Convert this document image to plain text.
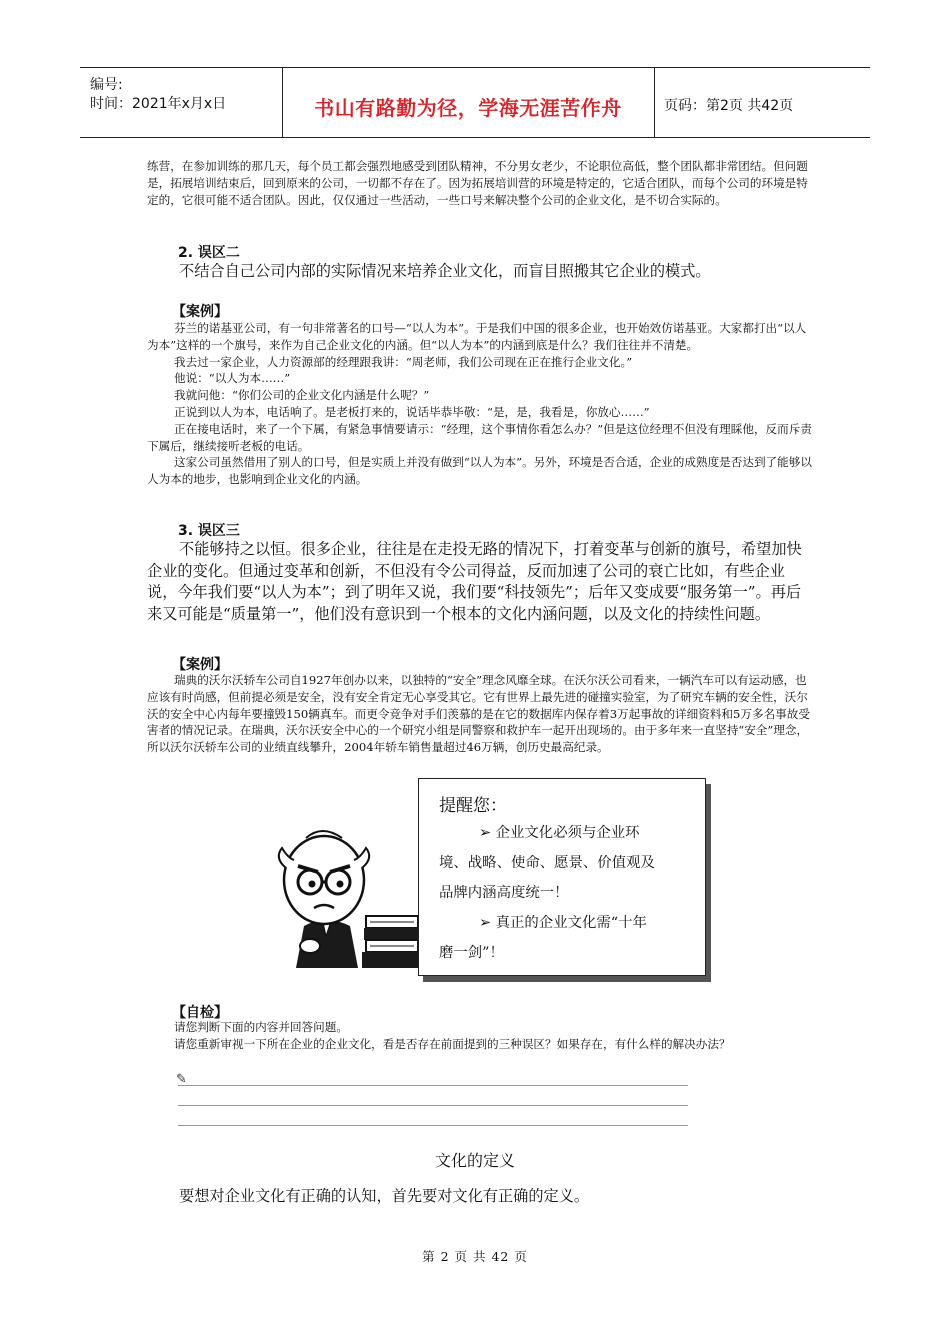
编号:
时间：2021年x月x日	书山有路勤为径，学海无涯苦作舟	页码：第2页 共42页

练营，在参加训练的那几天，每个员工都会强烈地感受到团队精神，不分男女老少，不论职位高低，整个团队都非常团结。但问题是，拓展培训结束后，回到原来的公司，一切都不存在了。因为拓展培训营的环境是特定的，它适合团队，而每个公司的环境是特定的，它很可能不适合团队。因此，仅仅通过一些活动，一些口号来解决整个公司的企业文化，是不切合实际的。

2. 误区二

不结合自己公司内部的实际情况来培养企业文化，而盲目照搬其它企业的模式。

【案例】

芬兰的诺基亚公司，有一句非常著名的口号—“以人为本”。于是我们中国的很多企业，也开始效仿诺基亚。大家都打出“以人为本”这样的一个旗号，来作为自己企业文化的内涵。但“以人为本”的内涵到底是什么？我们往往并不清楚。

我去过一家企业，人力资源部的经理跟我讲：“周老师，我们公司现在正在推行企业文化。”

他说：“以人为本……”

我就问他：“你们公司的企业文化内涵是什么呢？”

正说到以人为本，电话响了。是老板打来的，说话毕恭毕敬：“是，是，我看是，你放心……”

正在接电话时，来了一个下属，有紧急事情要请示：“经理，这个事情你看怎么办？”但是这位经理不但没有理睬他，反而斥责下属后，继续接听老板的电话。

这家公司虽然借用了别人的口号，但是实质上并没有做到“以人为本”。另外，环境是否合适，企业的成熟度是否达到了能够以人为本的地步，也影响到企业文化的内涵。

3. 误区三

不能够持之以恒。很多企业，往往是在走投无路的情况下，打着变革与创新的旗号，希望加快企业的变化。但通过变革和创新，不但没有令公司得益，反而加速了公司的衰亡比如，有些企业说，今年我们要“以人为本”；到了明年又说，我们要“科技领先”；后年又变成要“服务第一”。再后来又可能是“质量第一”，他们没有意识到一个根本的文化内涵问题，以及文化的持续性问题。

【案例】

瑞典的沃尔沃轿车公司自1927年创办以来，以独特的“安全”理念风靡全球。在沃尔沃公司看来，一辆汽车可以有运动感，也应该有时尚感，但前提必须是安全，没有安全肯定无心享受其它。它有世界上最先进的碰撞实验室，为了研究车辆的安全性，沃尔沃的安全中心内每年要撞毁150辆真车。而更令竞争对手们羡慕的是在它的数据库内保存着3万起事故的详细资料和5万多名事故受害者的情况记录。在瑞典，沃尔沃安全中心的一个研究小组是同警察和救护车一起开出现场的。由于多年来一直坚持“安全”理念，所以沃尔沃轿车公司的业绩直线攀升，2004年轿车销售量超过46万辆，创历史最高纪录。

提醒您：
➢ 企业文化必须与企业环
境、战略、使命、愿景、价值观及
品牌内涵高度统一！
➢ 真正的企业文化需“十年
磨一剑”！
【自检】

请您判断下面的内容并回答问题。

请您重新审视一下所在企业的企业文化，看是否存在前面提到的三种误区？如果存在，有什么样的解决办法？

✎
文化的定义

要想对企业文化有正确的认知，首先要对文化有正确的定义。

第 2 页 共 42 页
